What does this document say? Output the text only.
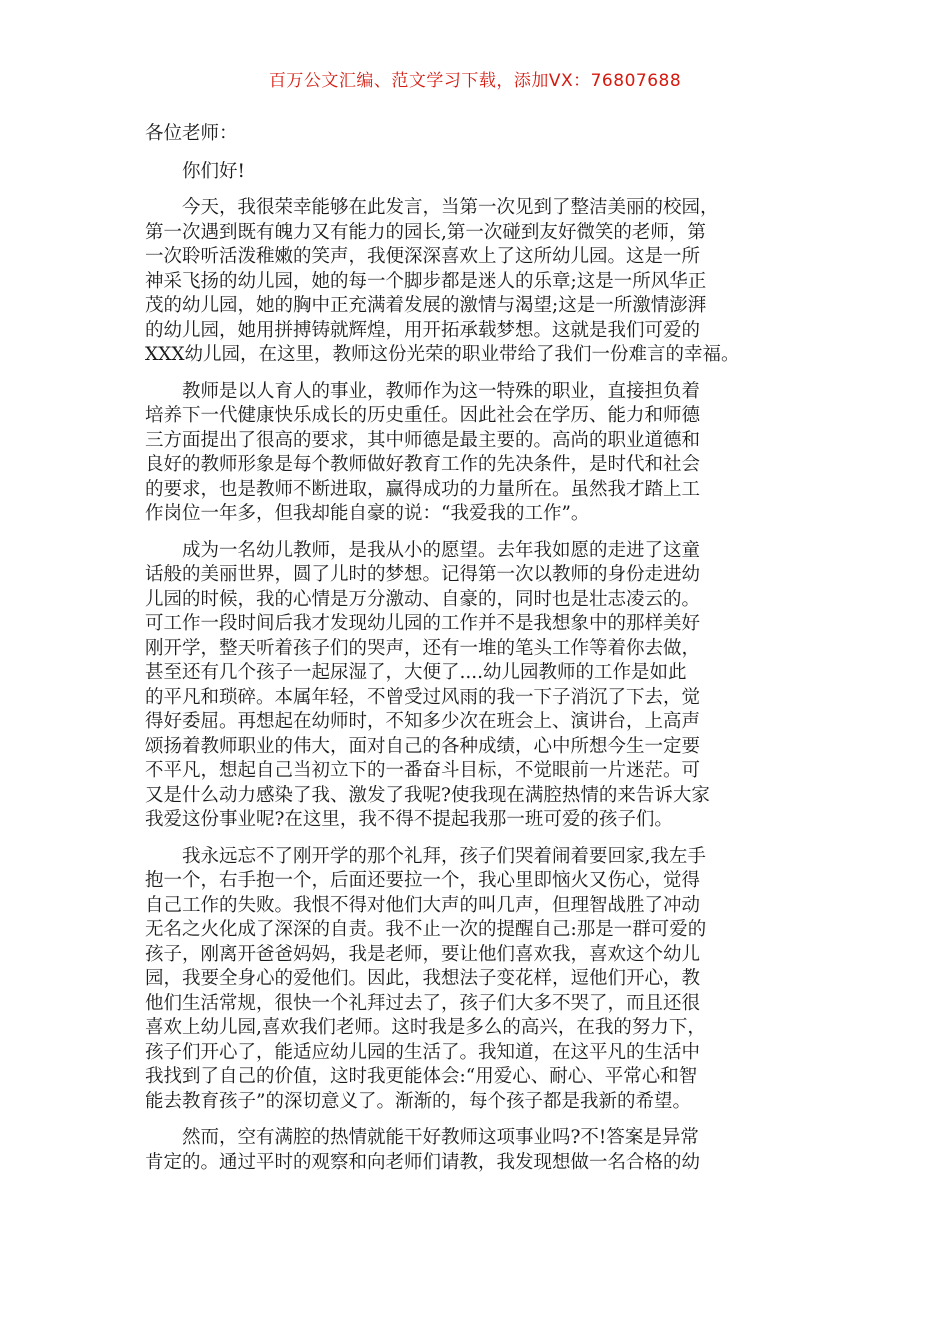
百万公文汇编、范文学习下载，添加VX：76807688
各位老师：
你们好!
今天，我很荣幸能够在此发言，当第一次见到了整洁美丽的校园，
第一次遇到既有魄力又有能力的园长,第一次碰到友好微笑的老师，第
一次聆听活泼稚嫩的笑声，我便深深喜欢上了这所幼儿园。这是一所
神采飞扬的幼儿园，她的每一个脚步都是迷人的乐章;这是一所风华正
茂的幼儿园，她的胸中正充满着发展的激情与渴望;这是一所激情澎湃
的幼儿园，她用拼搏铸就辉煌，用开拓承载梦想。这就是我们可爱的
XXX幼儿园，在这里，教师这份光荣的职业带给了我们一份难言的幸福。
教师是以人育人的事业，教师作为这一特殊的职业，直接担负着
培养下一代健康快乐成长的历史重任。因此社会在学历、能力和师德
三方面提出了很高的要求，其中师德是最主要的。高尚的职业道德和
良好的教师形象是每个教师做好教育工作的先决条件，是时代和社会
的要求，也是教师不断进取，赢得成功的力量所在。虽然我才踏上工
作岗位一年多，但我却能自豪的说：“我爱我的工作”。
成为一名幼儿教师，是我从小的愿望。去年我如愿的走进了这童
话般的美丽世界，圆了儿时的梦想。记得第一次以教师的身份走进幼
儿园的时候，我的心情是万分激动、自豪的，同时也是壮志凌云的。
可工作一段时间后我才发现幼儿园的工作并不是我想象中的那样美好
刚开学，整天听着孩子们的哭声，还有一堆的笔头工作等着你去做，
甚至还有几个孩子一起尿湿了，大便了....幼儿园教师的工作是如此
的平凡和琐碎。本属年轻，不曾受过风雨的我一下子消沉了下去，觉
得好委屈。再想起在幼师时，不知多少次在班会上、演讲台，上高声
颂扬着教师职业的伟大，面对自己的各种成绩，心中所想今生一定要
不平凡，想起自己当初立下的一番奋斗目标，不觉眼前一片迷茫。可
又是什么动力感染了我、激发了我呢?使我现在满腔热情的来告诉大家
我爱这份事业呢?在这里，我不得不提起我那一班可爱的孩子们。
我永远忘不了刚开学的那个礼拜，孩子们哭着闹着要回家,我左手
抱一个，右手抱一个，后面还要拉一个，我心里即恼火又伤心，觉得
自己工作的失败。我恨不得对他们大声的叫几声，但理智战胜了冲动
无名之火化成了深深的自责。我不止一次的提醒自己:那是一群可爱的
孩子，刚离开爸爸妈妈，我是老师，要让他们喜欢我，喜欢这个幼儿
园，我要全身心的爱他们。因此，我想法子变花样，逗他们开心，教
他们生活常规，很快一个礼拜过去了，孩子们大多不哭了，而且还很
喜欢上幼儿园,喜欢我们老师。这时我是多么的高兴，在我的努力下，
孩子们开心了，能适应幼儿园的生活了。我知道，在这平凡的生活中
我找到了自己的价值，这时我更能体会:“用爱心、耐心、平常心和智
能去教育孩子”的深切意义了。渐渐的，每个孩子都是我新的希望。
然而，空有满腔的热情就能干好教师这项事业吗?不!答案是异常
肯定的。通过平时的观察和向老师们请教，我发现想做一名合格的幼
